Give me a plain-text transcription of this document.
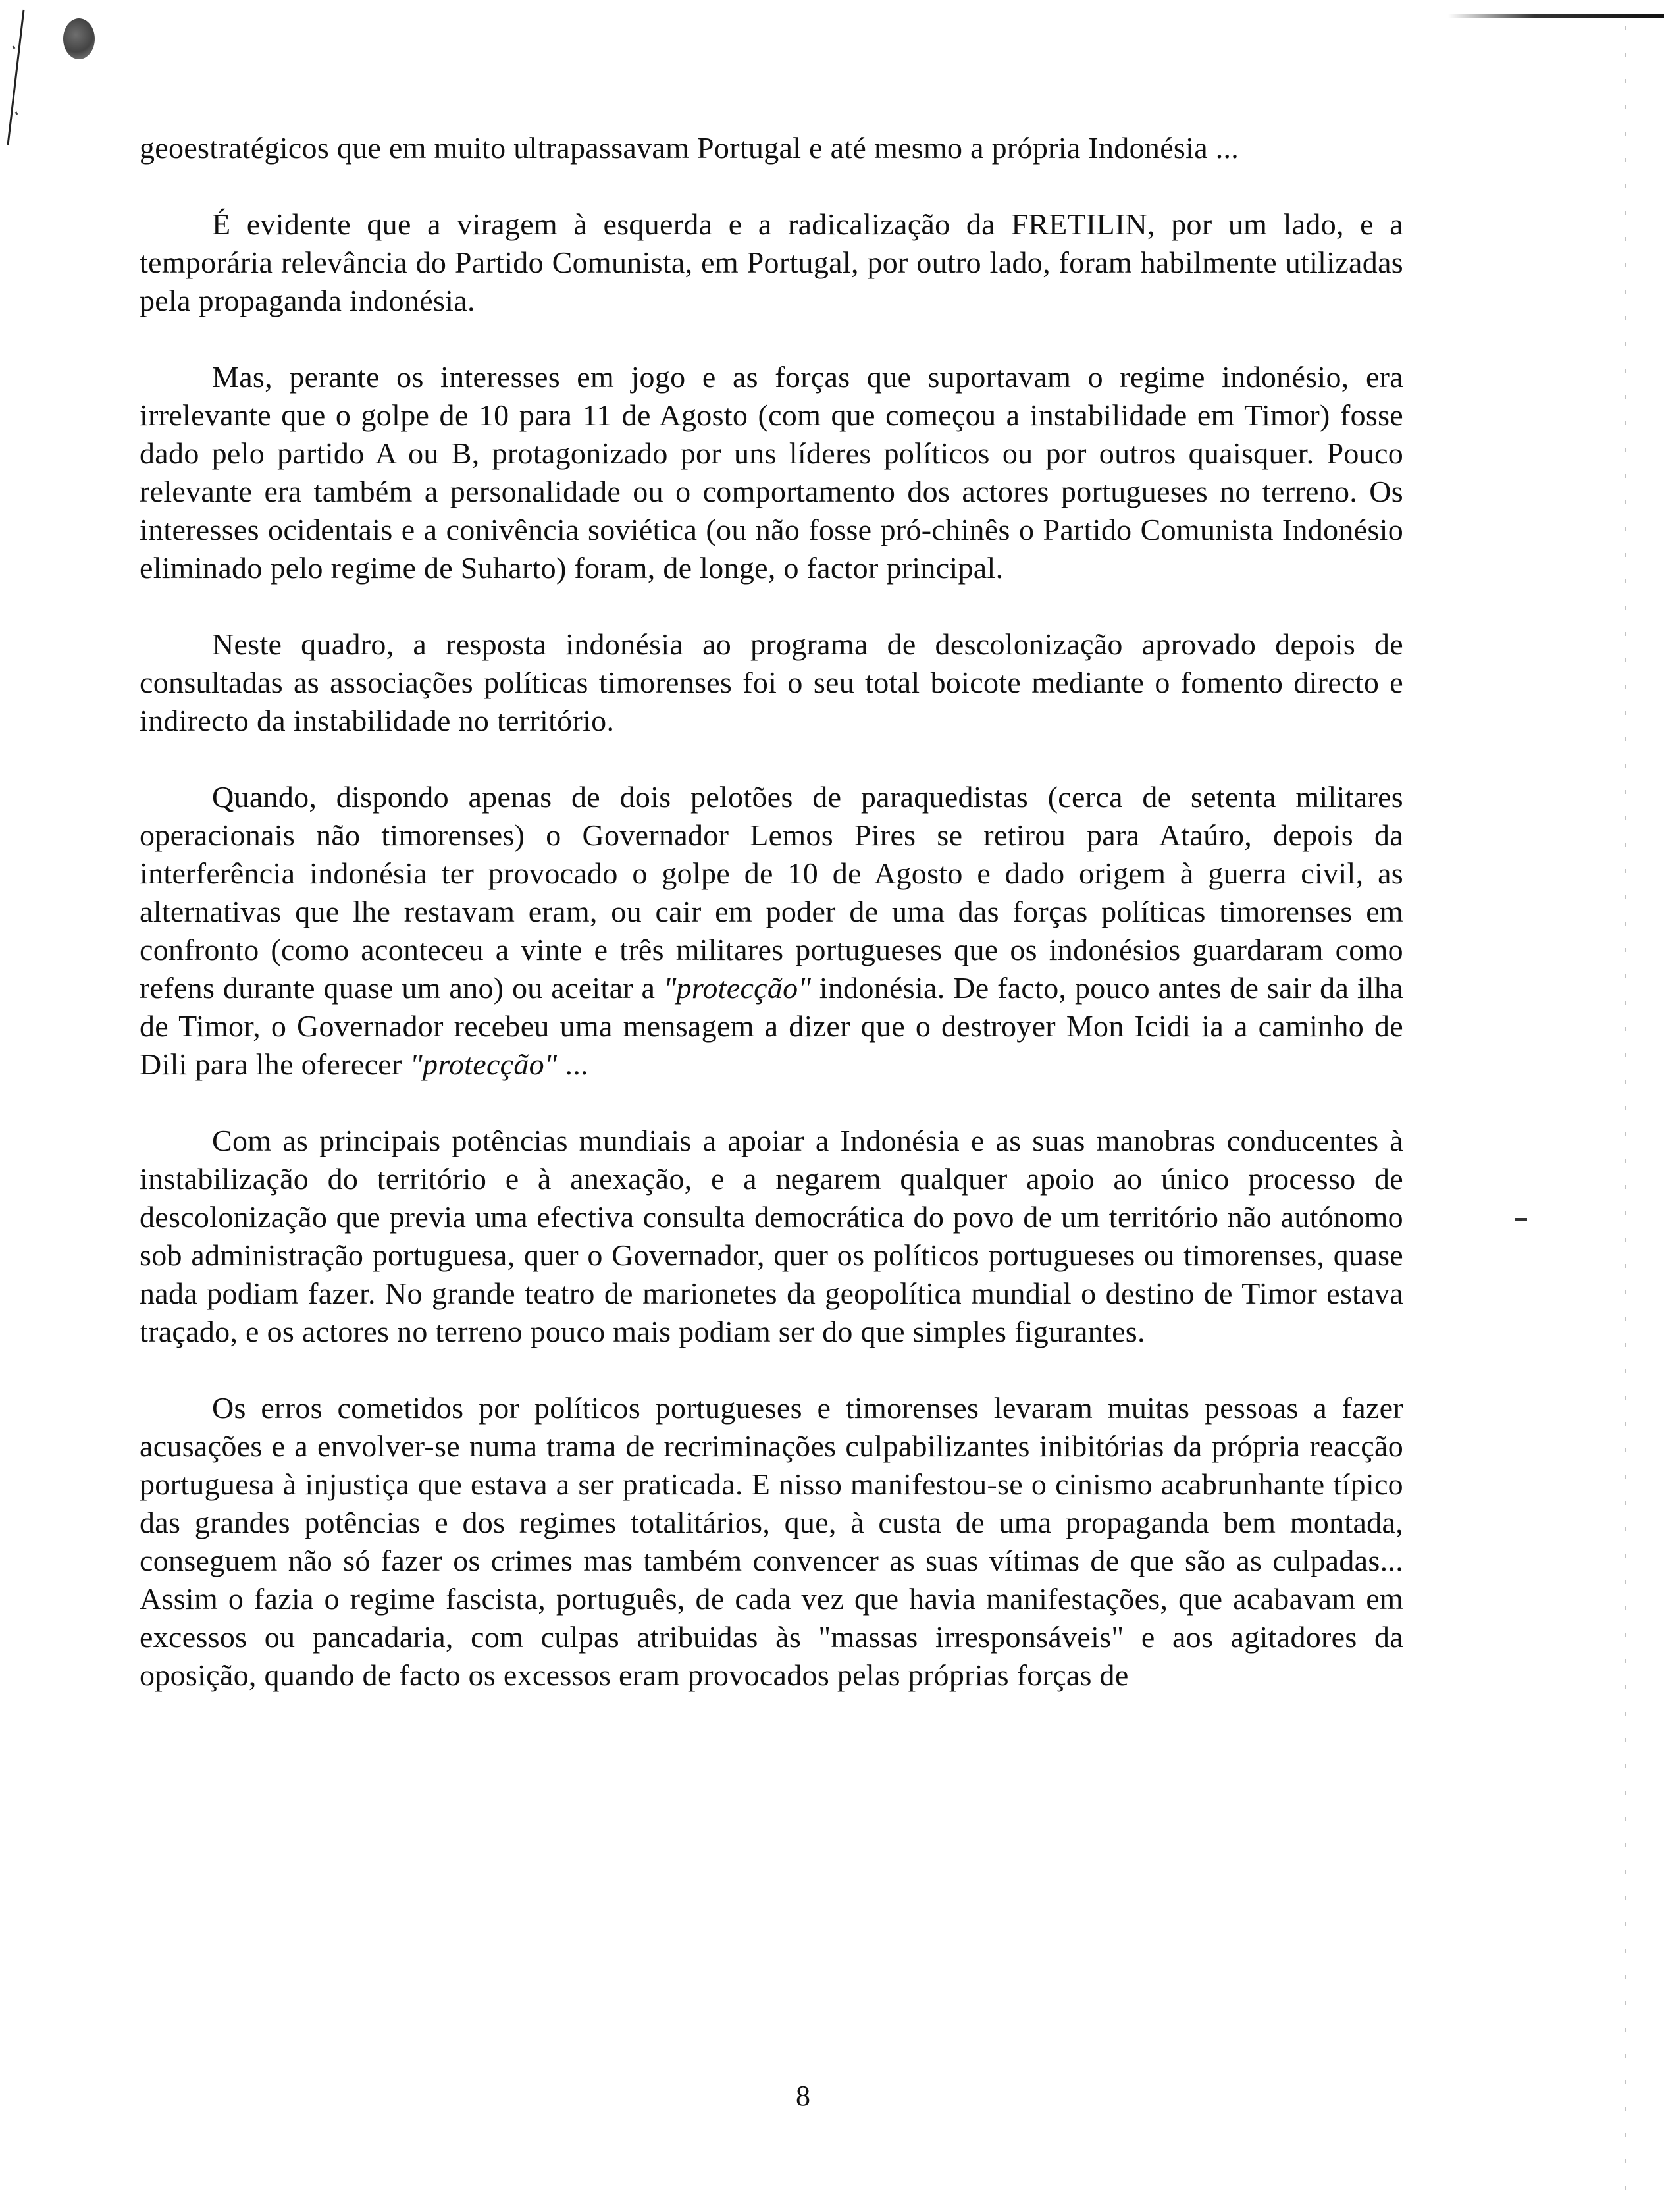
geoestratégicos que em muito ultrapassavam Portugal e até mesmo a própria Indonésia ...

É evidente que a viragem à esquerda e a radicalização da FRETILIN, por um lado, e a temporária relevância do Partido Comunista, em Portugal, por outro lado, foram habilmente utilizadas pela propaganda indonésia.

Mas, perante os interesses em jogo e as forças que suportavam o regime indonésio, era irrelevante que o golpe de 10 para 11 de Agosto (com que começou a instabilidade em Timor) fosse dado pelo partido A ou B, protagonizado por uns líderes políticos ou por outros quaisquer. Pouco relevante era também a personalidade ou o comportamento dos actores portugueses no terreno. Os interesses ocidentais e a conivência soviética (ou não fosse pró-chinês o Partido Comunista Indonésio eliminado pelo regime de Suharto) foram, de longe, o factor principal.

Neste quadro, a resposta indonésia ao programa de descolonização aprovado depois de consultadas as associações políticas timorenses foi o seu total boicote mediante o fomento directo e indirecto da instabilidade no território.

Quando, dispondo apenas de dois pelotões de paraquedistas (cerca de setenta militares operacionais não timorenses) o Governador Lemos Pires se retirou para Ataúro, depois da interferência indonésia ter provocado o golpe de 10 de Agosto e dado origem à guerra civil, as alternativas que lhe restavam eram, ou cair em poder de uma das forças políticas timorenses em confronto (como aconteceu a vinte e três militares portugueses que os indonésios guardaram como refens durante quase um ano) ou aceitar a "protecção" indonésia. De facto, pouco antes de sair da ilha de Timor, o Governador recebeu uma mensagem a dizer que o destroyer Mon Icidi ia a caminho de Dili para lhe oferecer "protecção" ...

Com as principais potências mundiais a apoiar a Indonésia e as suas manobras conducentes à instabilização do território e à anexação, e a negarem qualquer apoio ao único processo de descolonização que previa uma efectiva consulta democrática do povo de um território não autónomo sob administração portuguesa, quer o Governador, quer os políticos portugueses ou timorenses, quase nada podiam fazer. No grande teatro de marionetes da geopolítica mundial o destino de Timor estava traçado, e os actores no terreno pouco mais podiam ser do que simples figurantes.

Os erros cometidos por políticos portugueses e timorenses levaram muitas pessoas a fazer acusações e a envolver-se numa trama de recriminações culpabilizantes inibitórias da própria reacção portuguesa à injustiça que estava a ser praticada. E nisso manifestou-se o cinismo acabrunhante típico das grandes potências e dos regimes totalitários, que, à custa de uma propaganda bem montada, conseguem não só fazer os crimes mas também convencer as suas vítimas de que são as culpadas... Assim o fazia o regime fascista, português, de cada vez que havia manifestações, que acabavam em excessos ou pancadaria, com culpas atribuidas às "massas irresponsáveis" e aos agitadores da oposição, quando de facto os excessos eram provocados pelas próprias forças de

8
